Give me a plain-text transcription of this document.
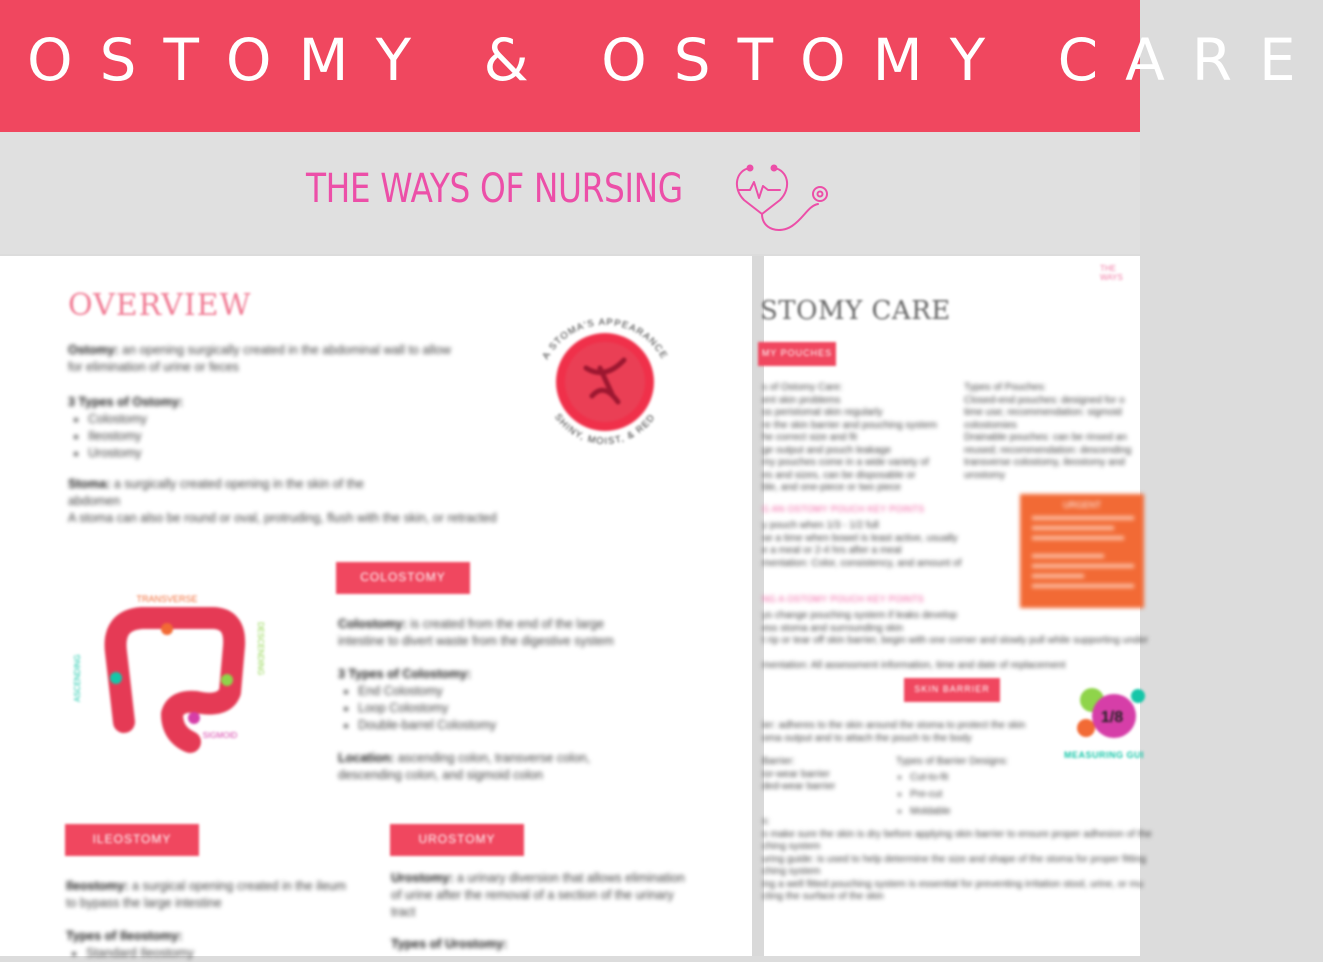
OSTOMY & OSTOMY CARE
THE WAYS OF NURSING
OVERVIEW
Ostomy: an opening surgically created in the abdominal wall to allow for elimination of urine or feces
3 Types of Ostomy:
• Colostomy
• Ileostomy
• Urostomy
Stoma: a surgically created opening in the skin of the abdomen
A stoma can also be round or oval, protruding, flush with the skin, or retracted
A STOMA'S APPEARANCE
SHINY, MOIST, & RED
TRANSVERSE
ASCENDING
DESCENDING
SIGMOID
COLOSTOMY
Colostomy: is created from the end of the large intestine to divert waste from the digestive system
3 Types of Colostomy:
• End Colostomy
• Loop Colostomy
• Double-barrel Colostomy
Location: ascending colon, transverse colon, descending colon, and sigmoid colon
ILEOSTOMY
Ileostomy: a surgical opening created in the ileum to bypass the large intestine
Types of Ileostomy:
• Standard Ileostomy
UROSTOMY
Urostomy: a urinary diversion that allows elimination of urine after the removal of a section of the urinary tract
Types of Urostomy:
THE WAYS
STOMY CARE
MY POUCHES
s of Ostomy Care:
ent skin problems
ss peristomal skin regularly
re the skin barrier and pouching system
he correct size and fit
ge output and pouch leakage
my pouches come in a wide variety of
es and sizes, can be disposable or
ble, and one-piece or two piece
Types of Pouches:
Closed-end pouches: designed for o
time use; recommendation: sigmoid
colostomies
Drainable pouches: can be rinsed an
reused; recommendation: descending
transverse colostomy, ileostomy and
urostomy
URGENT
G AN OSTOMY POUCH KEY POINTS
y pouch when 1/3 - 1/2 full
se a time when bowel is least active, usually
e a meal or 2-4 hrs after a meal
mentation: Color, consistency, and amount of
NG A OSTOMY POUCH KEY POINTS
ys change pouching system if leaks develop
ess stoma and surrounding skin
t rip or tear off skin barrier, begin with one corner and slowly pull while supporting under
mentation: All assessment information, time and date of replacement
SKIN BARRIER
1/8
MEASURING GUI
ier: adheres to the skin around the stoma to protect the skin
oma output and to attach the pouch to the body
Barrier:
ior-wear barrier
ded-wear barrier
Types of Barrier Designs:
• Cut-to-fit
• Pre-cut
• Moldable
s:
o make sure the skin is dry before applying skin barrier to ensure proper adhesion of the
ching system
uring guide: is used to help determine the size and shape of the stoma for proper fitting
ching system
ing a well fitted pouching system is essential for preventing irritation stool, urine, or mu
cting the surface of the skin
